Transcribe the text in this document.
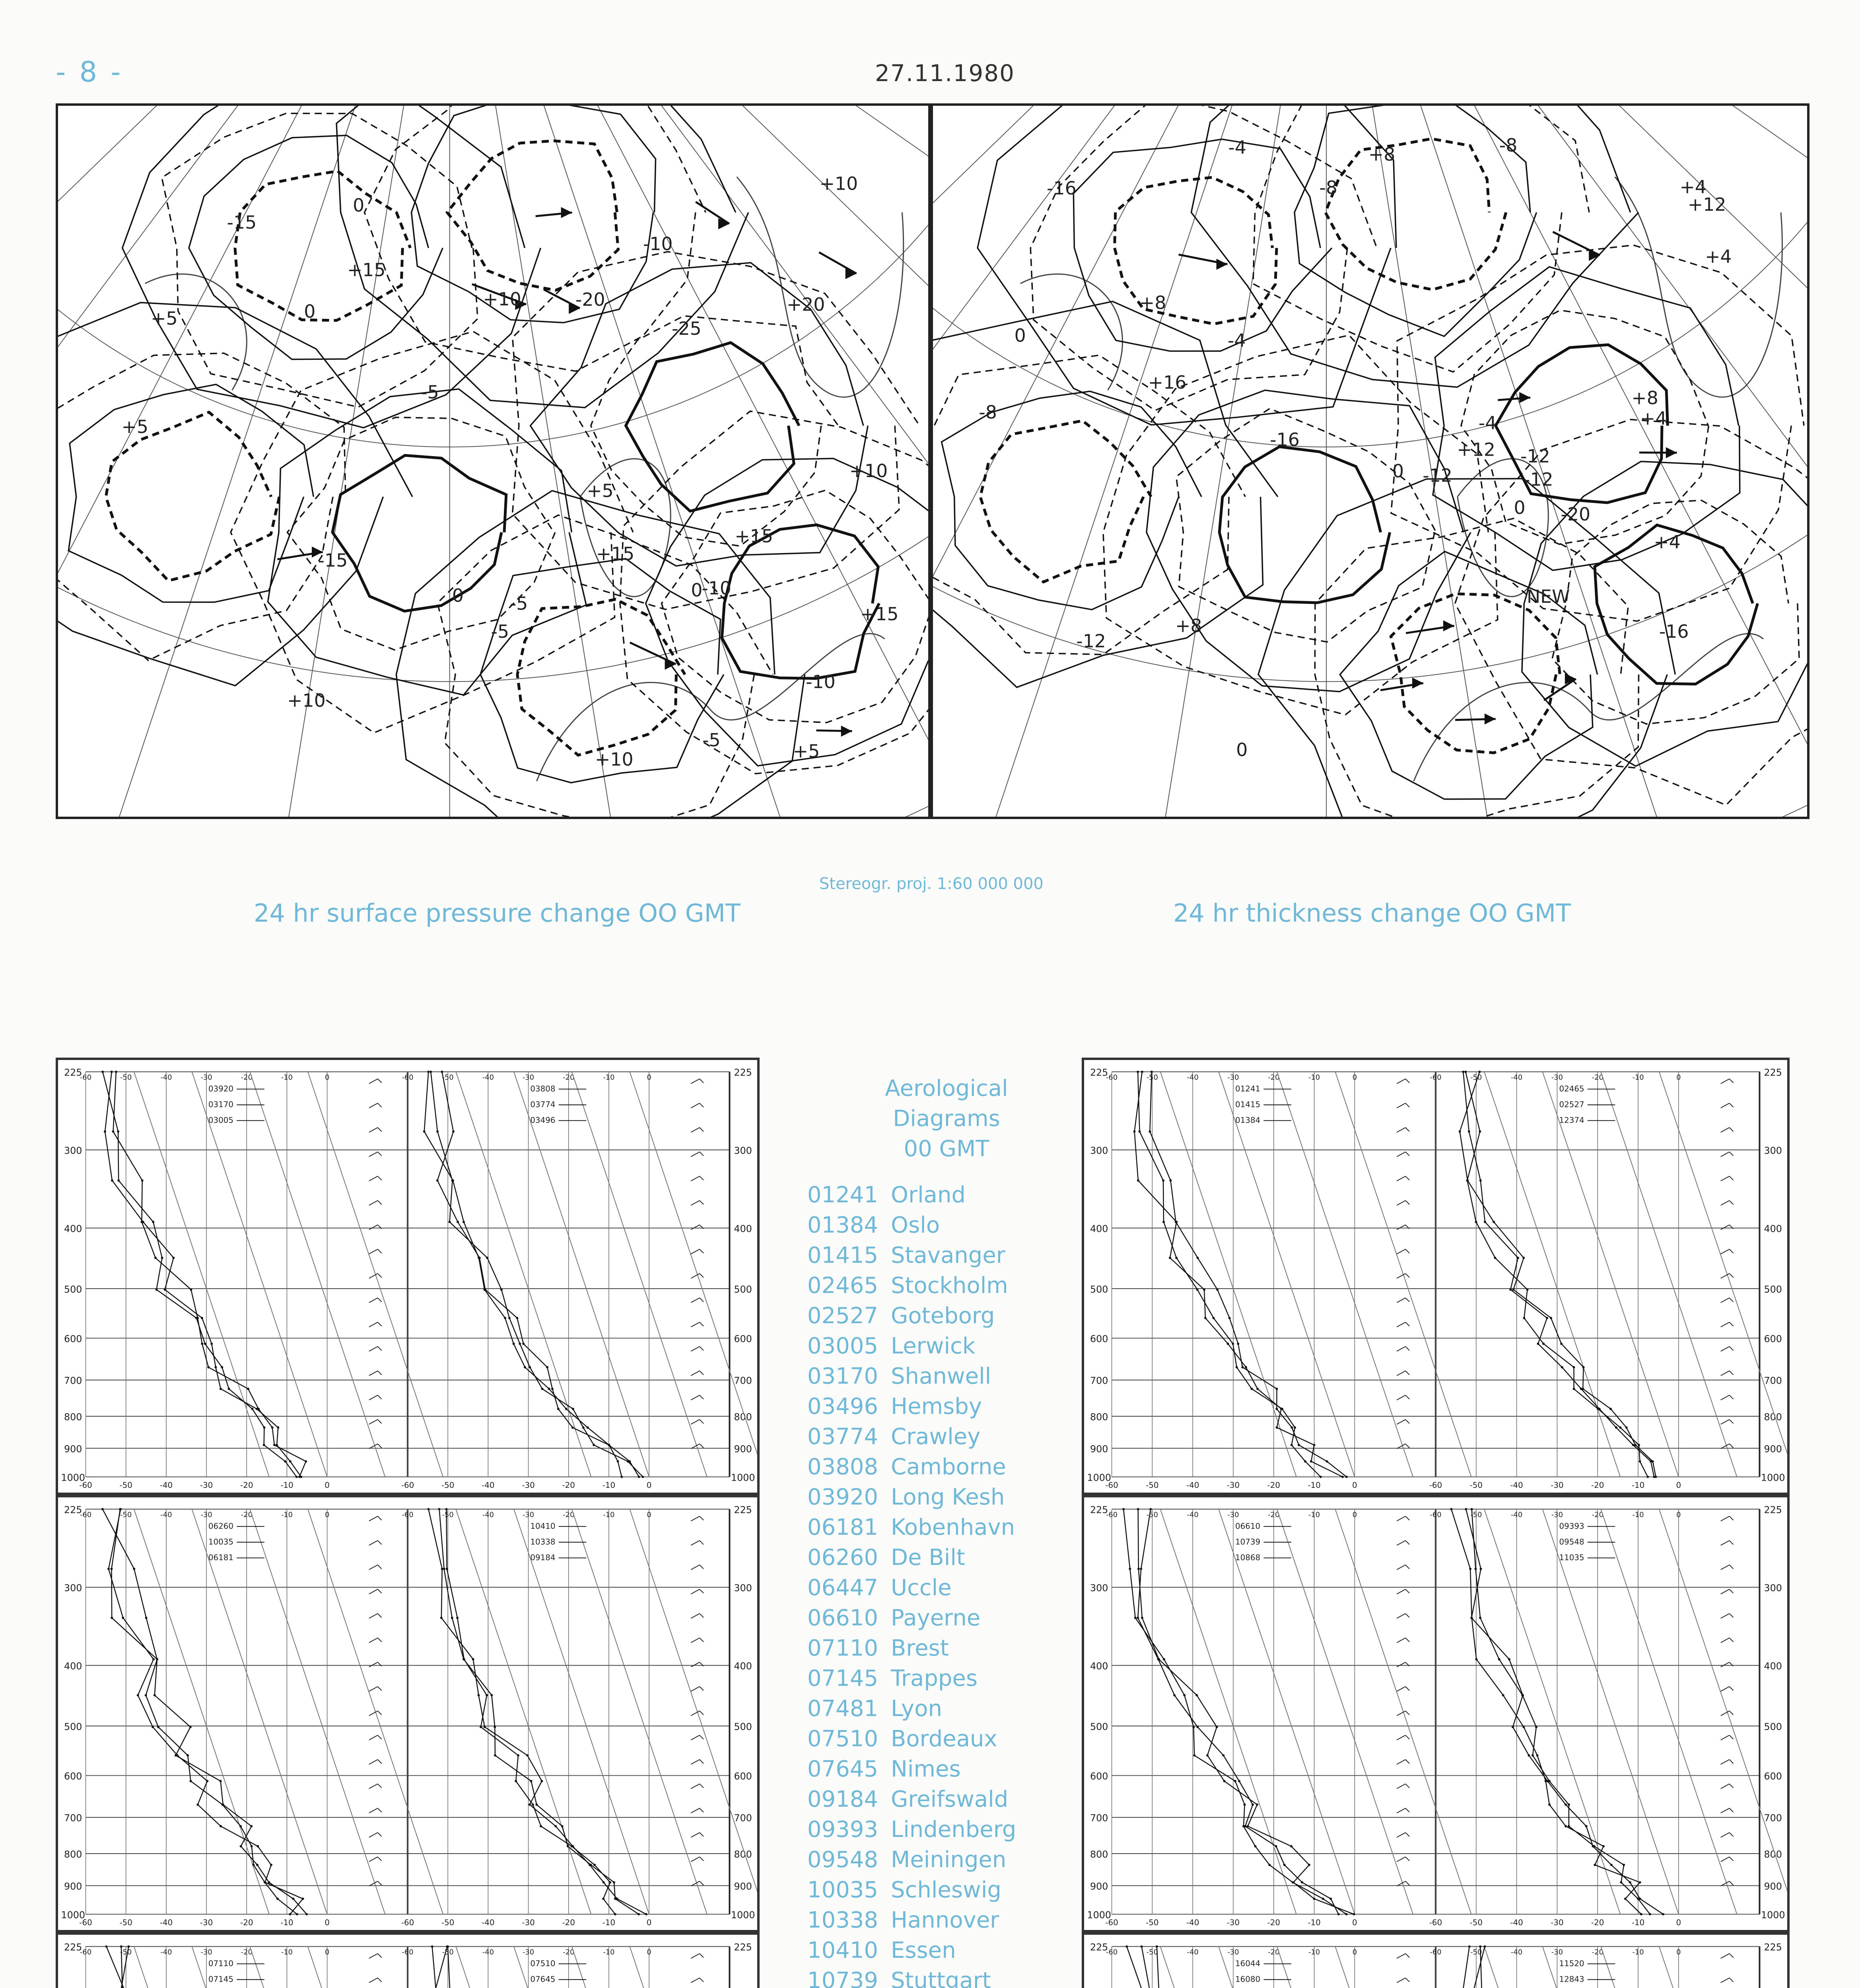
- 8 -	27.11.1980
+5
+10
+15
+20
+15
+10
+5
0	-5
-10
-15
-20
-25
+15
+10
+5
0
-5
-10
-15
-5
+10
0
-10
+5
+15
+10
-5
0
+8
+4
0
-4
-8
-12
-16
+16
+12
+8
+4
0
-4
-8
-12
-20
-16
-12
+8
+4
0
+12
+8
+4
-4
-8
-12
-16
NEW
0
Stereogr. proj. 1:60 000 000
24 hr surface pressure change OO GMT	24 hr thickness change OO GMT
225	225
300	300
400	400
500	500
600	600
700	700
800	800
900	900
1000	1000
-60
-60
-50
-50
-40
-40
-30
-30
-20
-20
-10
-10
0
0
03920
03170
03005
-60
-60
-50
-50
-40
-40
-30
-30
-20
-20
-10
-10
0
0
03808
03774
03496
225	225
300	300
400	400
500	500
600	600
700	700
800	800
900	900
1000	1000
-60
-60
-50
-50
-40
-40
-30
-30
-20
-20
-10
-10
0
0
06260
10035
06181
-60
-60
-50
-50
-40
-40
-30
-30
-20
-20
-10
-10
0
0
10410
10338
09184
225	225
-60	-50	-40	-30	-20	-10	0
07110
07145
-60	-50	-40	-30	-20	-10	0
07510
07645
225	225
300	300
400	400
500	500
600	600
700	700
800	800
900	900
1000	1000
-60
-60
-50
-50
-40
-40
-30
-30
-20
-20
-10
-10
0
0
01241
01415
01384
-60
-60
-50
-50
-40
-40
-30
-30
-20
-20
-10
-10
0
0
02465
02527
12374
225	225
300	300
400	400
500	500
600	600
700	700
800	800
900	900
1000	1000
-60
-60
-50
-50
-40
-40
-30
-30
-20
-20
-10
-10
0
0
06610
10739
10868
-60
-60
-50
-50
-40
-40
-30
-30
-20
-20
-10
-10
0
0
09393
09548
11035
225	225
-60	-50	-40	-30	-20	-10	0
16044
16080
-60	-50	-40	-30	-20	-10	0
11520
12843
Aerological
Diagrams
00 GMT
01241 Orland
01384 Oslo
01415 Stavanger
02465 Stockholm
02527 Goteborg
03005 Lerwick
03170 Shanwell
03496 Hemsby
03774 Crawley
03808 Camborne
03920 Long Kesh
06181 Kobenhavn
06260 De Bilt
06447 Uccle
06610 Payerne
07110 Brest
07145 Trappes
07481 Lyon
07510 Bordeaux
07645 Nimes
09184 Greifswald
09393 Lindenberg
09548 Meiningen
10035 Schleswig
10338 Hannover
10410 Essen
10739 Stuttgart
